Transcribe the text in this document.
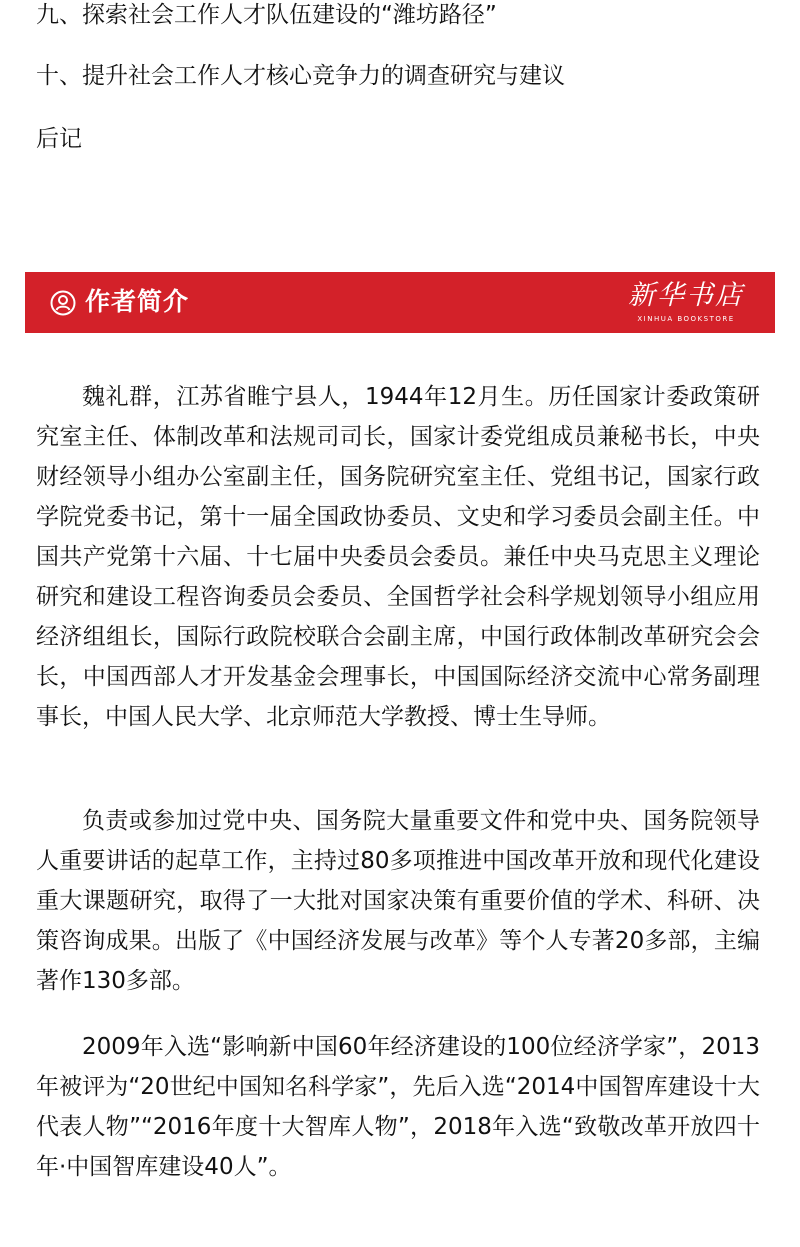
九、探索社会工作人才队伍建设的“潍坊路径”

十、提升社会工作人才核心竞争力的调查研究与建议

后记

作者简介	新华书店
XINHUA BOOKSTORE

魏礼群，江苏省睢宁县人，1944年12月生。历任国家计委政策研究室主任、体制改革和法规司司长，国家计委党组成员兼秘书长，中央财经领导小组办公室副主任，国务院研究室主任、党组书记，国家行政学院党委书记，第十一届全国政协委员、文史和学习委员会副主任。中国共产党第十六届、十七届中央委员会委员。兼任中央马克思主义理论研究和建设工程咨询委员会委员、全国哲学社会科学规划领导小组应用经济组组长，国际行政院校联合会副主席，中国行政体制改革研究会会长，中国西部人才开发基金会理事长，中国国际经济交流中心常务副理事长，中国人民大学、北京师范大学教授、博士生导师。

负责或参加过党中央、国务院大量重要文件和党中央、国务院领导人重要讲话的起草工作，主持过80多项推进中国改革开放和现代化建设重大课题研究，取得了一大批对国家决策有重要价值的学术、科研、决策咨询成果。出版了《中国经济发展与改革》等个人专著20多部，主编著作130多部。

2009年入选“影响新中国60年经济建设的100位经济学家”，2013年被评为“20世纪中国知名科学家”，先后入选“2014中国智库建设十大代表人物”“2016年度十大智库人物”，2018年入选“致敬改革开放四十年·中国智库建设40人”。
